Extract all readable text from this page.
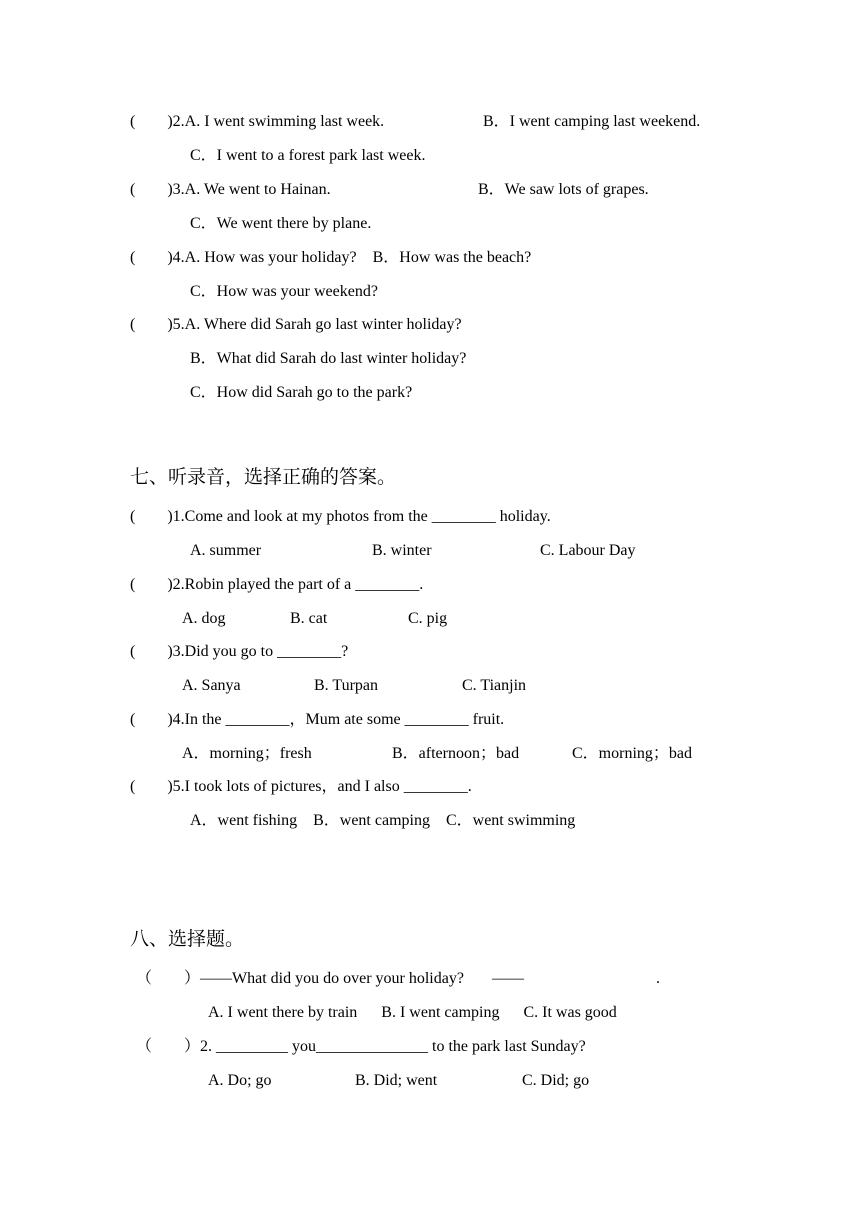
(        )2.A. I went swimming last week.	B．I went camping last weekend.
C．I went to a forest park last week.
(        )3.A. We went to Hainan.	B．We saw lots of grapes.
C．We went there by plane.
(        )4.A. How was your holiday?    B．How was the beach?
C．How was your weekend?
(        )5.A. Where did Sarah go last winter holiday?
B．What did Sarah do last winter holiday?
C．How did Sarah go to the park?
七、听录音，选择正确的答案。
(        )1.Come and look at my photos from the ________ holiday.
A. summer	B. winter	C. Labour Day
(        )2.Robin played the part of a ________.
A. dog	B. cat	C. pig
(        )3.Did you go to ________?
A. Sanya	B. Turpan	C. Tianjin
(        )4.In the ________，Mum ate some ________ fruit.
A．morning；fresh	B．afternoon；bad	C．morning；bad
(        )5.I took lots of pictures，and I also ________.
A．went fishing    B．went camping    C．went swimming
八、选择题。
（        ）——What did you do over your holiday?       ——                                 .
A. I went there by train      B. I went camping      C. It was good
（        ）2. _________ you______________ to the park last Sunday?
A. Do; go	B. Did; went	C. Did; go
